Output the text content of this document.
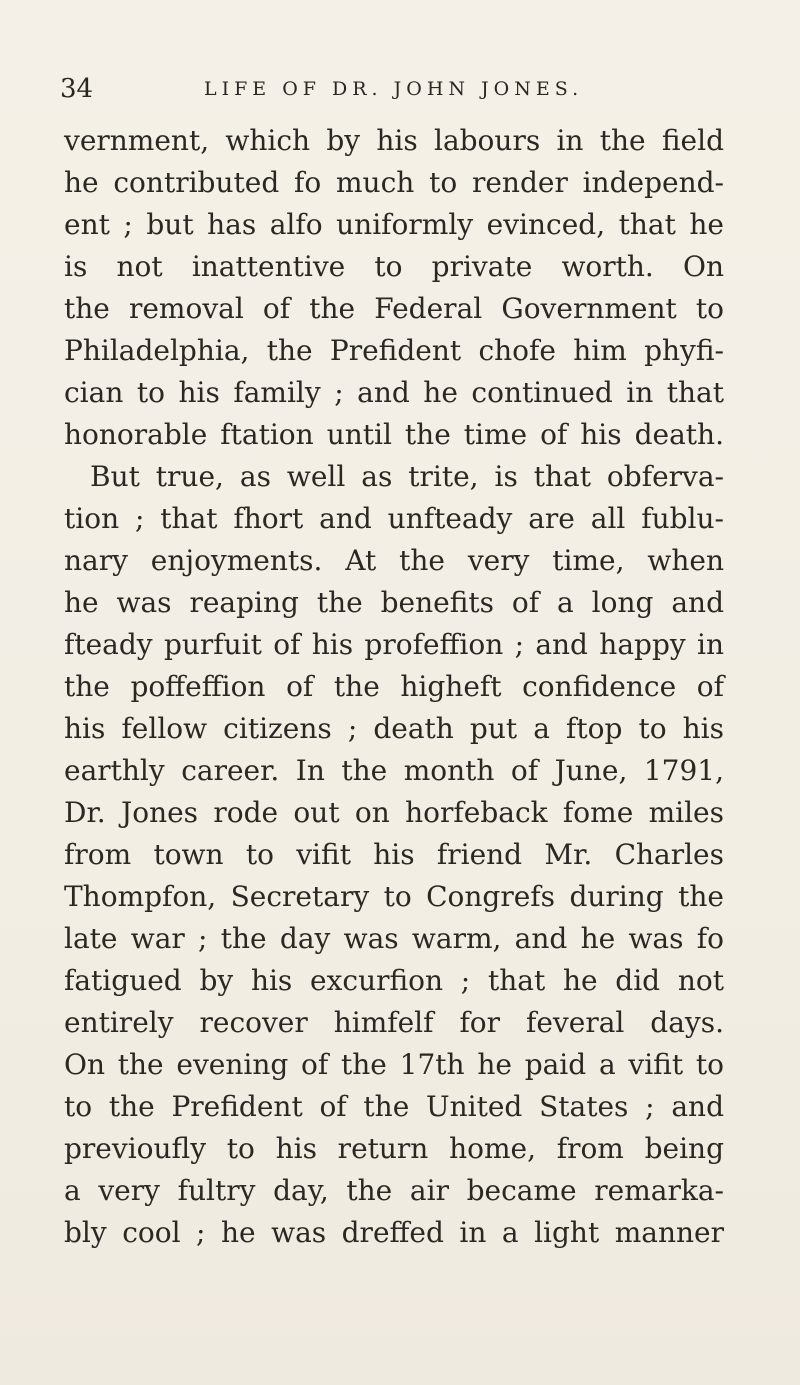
34	LIFE OF DR. JOHN JONES.
vernment, which by his labours in the field
he contributed fo much to render independ-
ent ; but has alfo uniformly evinced, that he
is not inattentive to private worth. On
the removal of the Federal Government to
Philadelphia, the Prefident chofe him phyfi-
cian to his family ; and he continued in that
honorable ftation until the time of his death.
But true, as well as trite, is that obferva-
tion ; that fhort and unfteady are all fublu-
nary enjoyments. At the very time, when
he was reaping the benefits of a long and
fteady purfuit of his profeffion ; and happy in
the poffeffion of the higheft confidence of
his fellow citizens ; death put a ftop to his
earthly career. In the month of June, 1791,
Dr. Jones rode out on horfeback fome miles
from town to vifit his friend Mr. Charles
Thompfon, Secretary to Congrefs during the
late war ; the day was warm, and he was fo
fatigued by his excurfion ; that he did not
entirely recover himfelf for feveral days.
On the evening of the 17th he paid a vifit to
to the Prefident of the United States ; and
previoufly to his return home, from being
a very fultry day, the air became remarka-
bly cool ; he was dreffed in a light manner
